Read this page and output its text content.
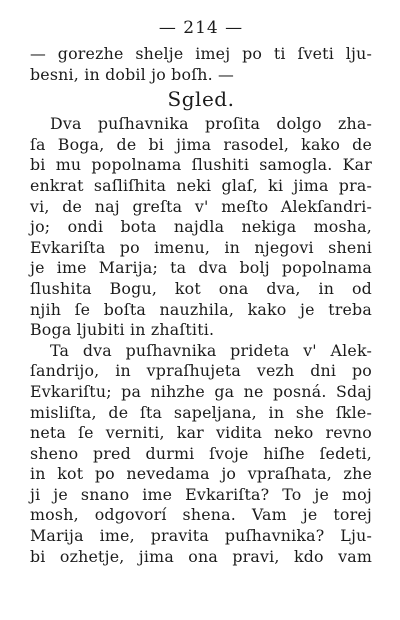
— 214 —
— gorezhe shelje imej po ti ſveti lju-
besni, in dobil jo boſh. —
Sgled.
Dva puſhavnika proſita dolgo zha-
ſa Boga, de bi jima rasodel, kako de
bi mu popolnama ſlushiti samogla. Kar
enkrat saſliſhita neki glaſ, ki jima pra-
vi, de naj greſta v' meſto Alekſandri-
jo; ondi bota najdla nekiga mosha,
Evkariſta po imenu, in njegovi sheni
je ime Marija; ta dva bolj popolnama
ſlushita Bogu, kot ona dva, in od
njih ſe boſta nauzhila, kako je treba
Boga ljubiti in zhaſtiti.
Ta dva puſhavnika prideta v' Alek-
ſandrijo, in vpraſhujeta vezh dni po
Evkariſtu; pa nihzhe ga ne posná. Sdaj
misliſta, de ſta sapeljana, in she ſkle-
neta ſe verniti, kar vidita neko revno
sheno pred durmi ſvoje hiſhe ſedeti,
in kot po nevedama jo vpraſhata, zhe
ji je snano ime Evkariſta? To je moj
mosh, odgovorí shena. Vam je torej
Marija ime, pravita puſhavnika? Lju-
bi ozhetje, jima ona pravi, kdo vam
